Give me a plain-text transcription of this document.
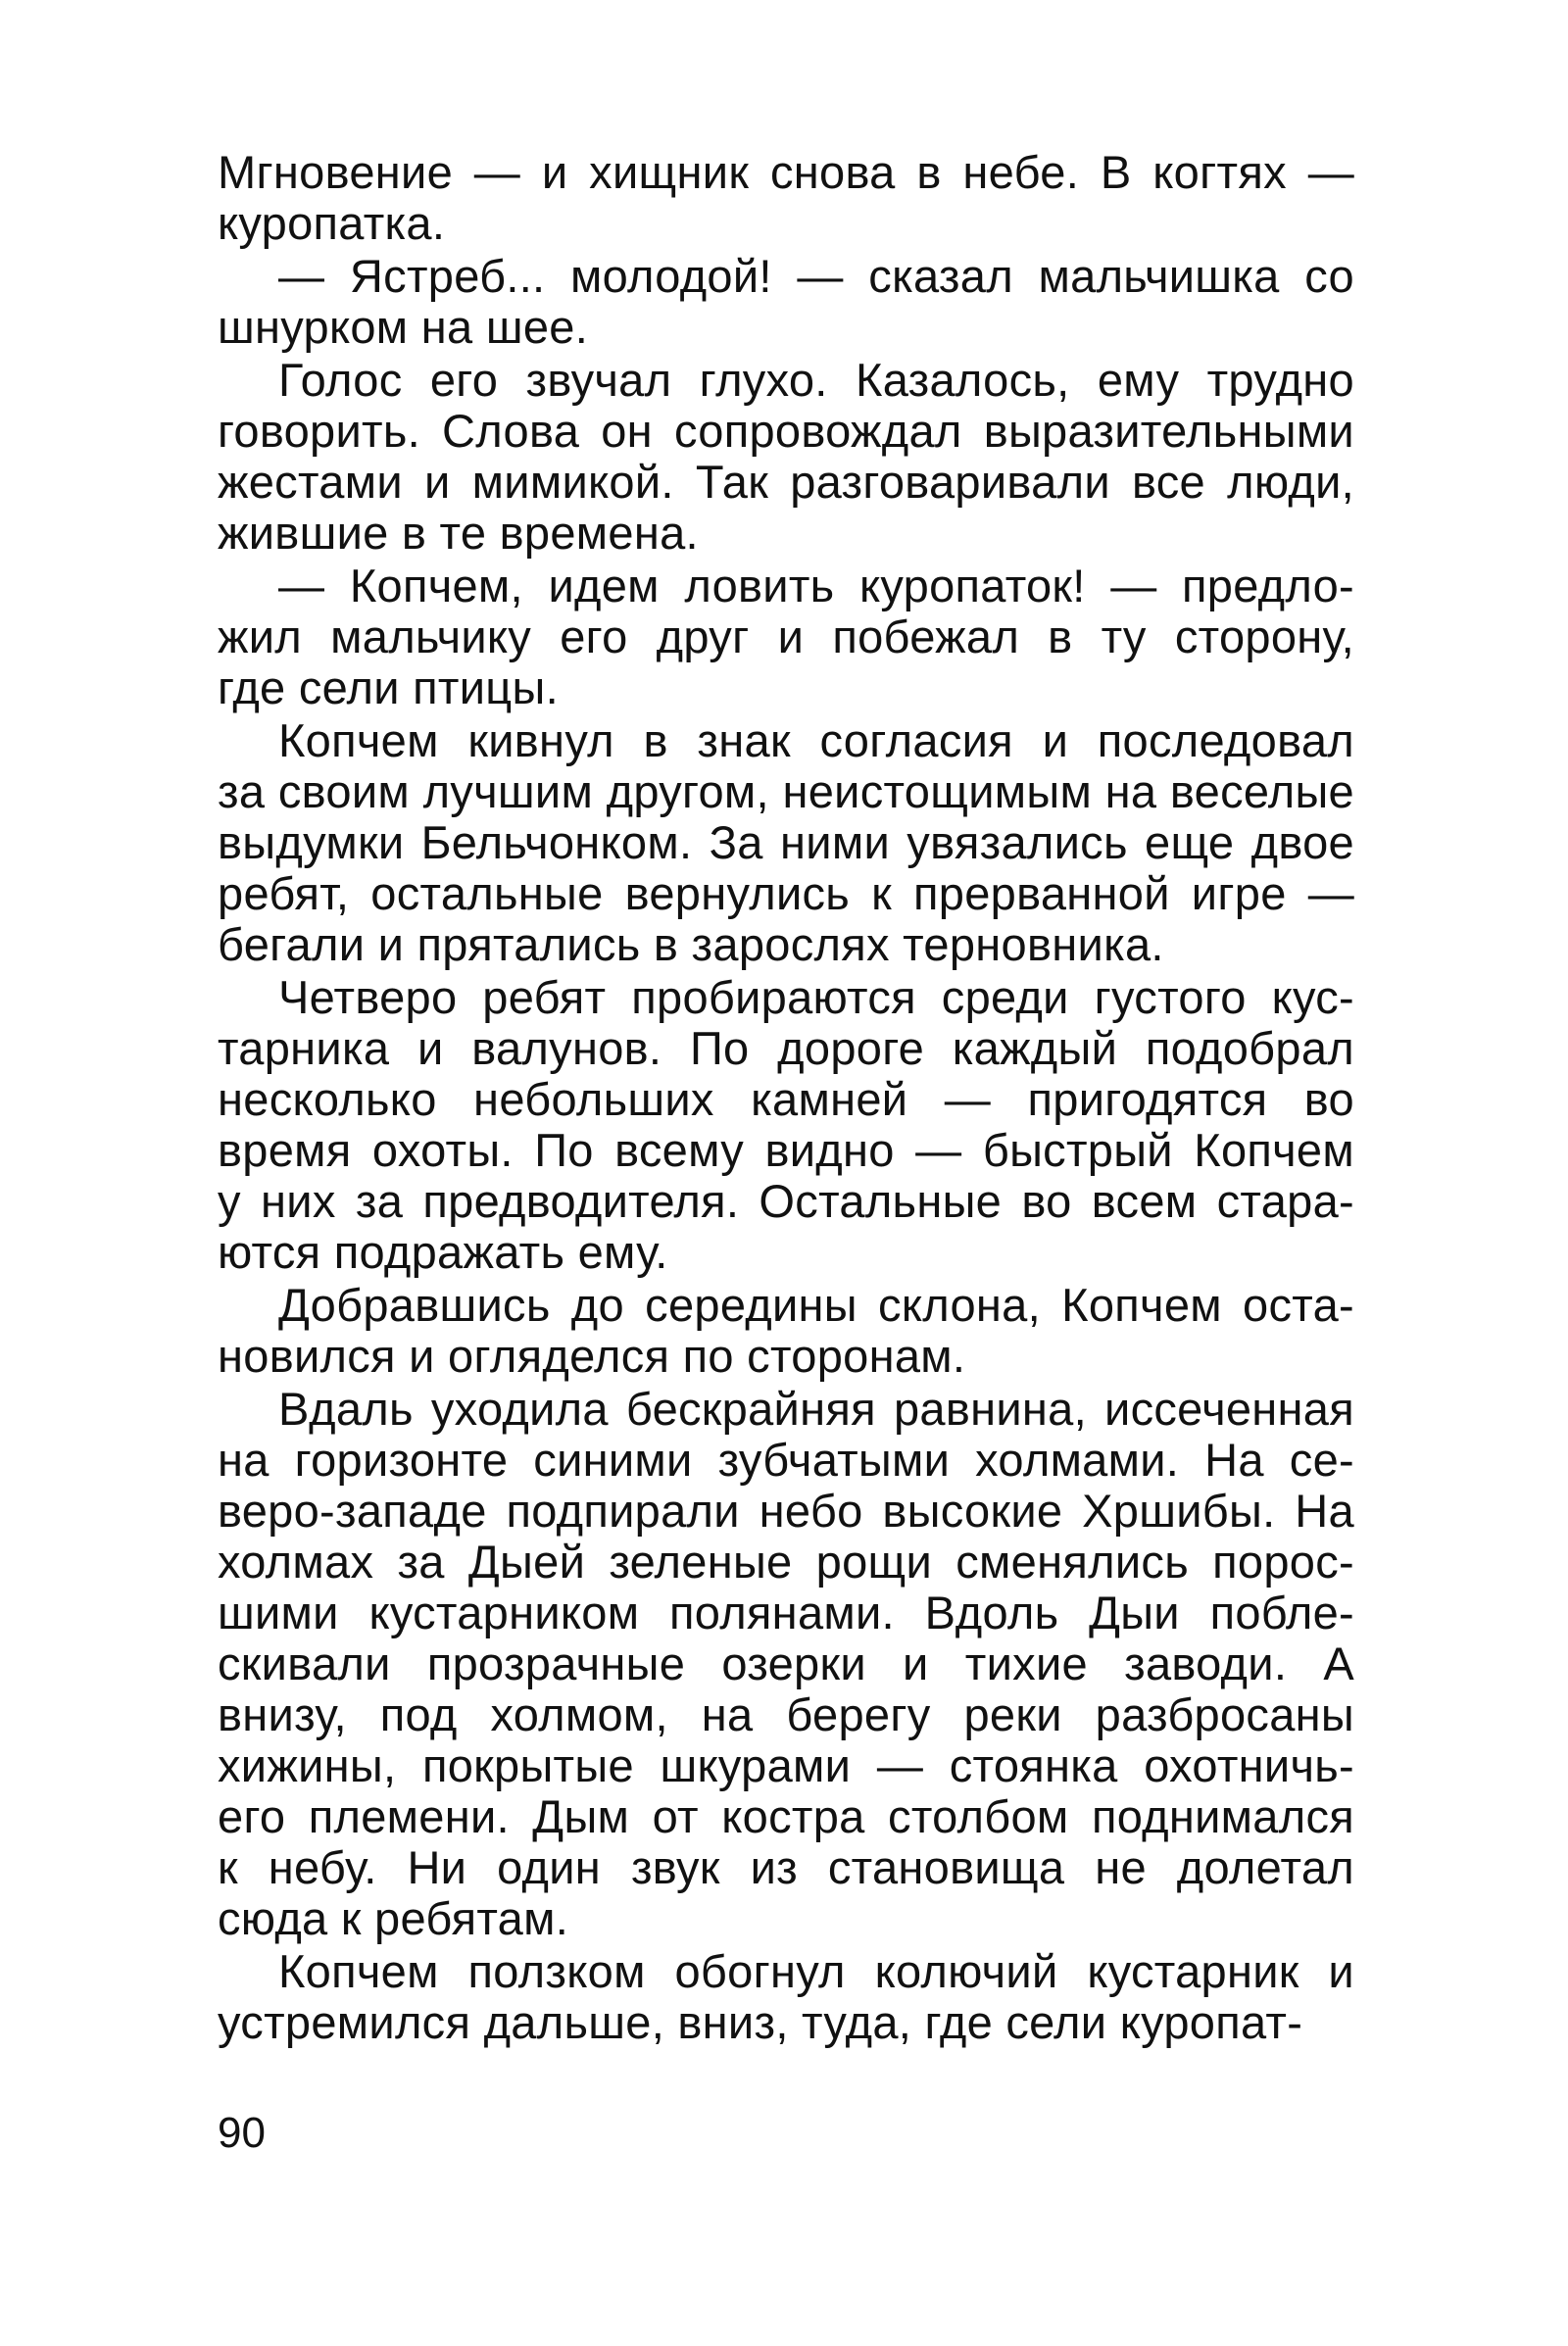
Мгновение — и хищник снова в небе. В когтях —
куропатка.
— Ястреб... молодой! — сказал мальчишка со
шнурком на шее.
Голос его звучал глухо. Казалось, ему трудно
говорить. Слова он сопровождал выразительными
жестами и мимикой. Так разговаривали все люди,
жившие в те времена.
— Копчем, идем ловить куропаток! — предло-
жил мальчику его друг и побежал в ту сторону,
где сели птицы.
Копчем кивнул в знак согласия и последовал
за своим лучшим другом, неистощимым на веселые
выдумки Бельчонком. За ними увязались еще двое
ребят, остальные вернулись к прерванной игре —
бегали и прятались в зарослях терновника.
Четверо ребят пробираются среди густого кус-
тарника и валунов. По дороге каждый подобрал
несколько небольших камней — пригодятся во
время охоты. По всему видно — быстрый Копчем
у них за предводителя. Остальные во всем стара-
ются подражать ему.
Добравшись до середины склона, Копчем оста-
новился и огляделся по сторонам.
Вдаль уходила бескрайняя равнина, иссеченная
на горизонте синими зубчатыми холмами. На се-
веро-западе подпирали небо высокие Хршибы. На
холмах за Дыей зеленые рощи сменялись порос-
шими кустарником полянами. Вдоль Дыи побле-
скивали прозрачные озерки и тихие заводи. А
внизу, под холмом, на берегу реки разбросаны
хижины, покрытые шкурами — стоянка охотничь-
его племени. Дым от костра столбом поднимался
к небу. Ни один звук из становища не долетал
сюда к ребятам.
Копчем ползком обогнул колючий кустарник и
устремился дальше, вниз, туда, где сели куропат-
90
